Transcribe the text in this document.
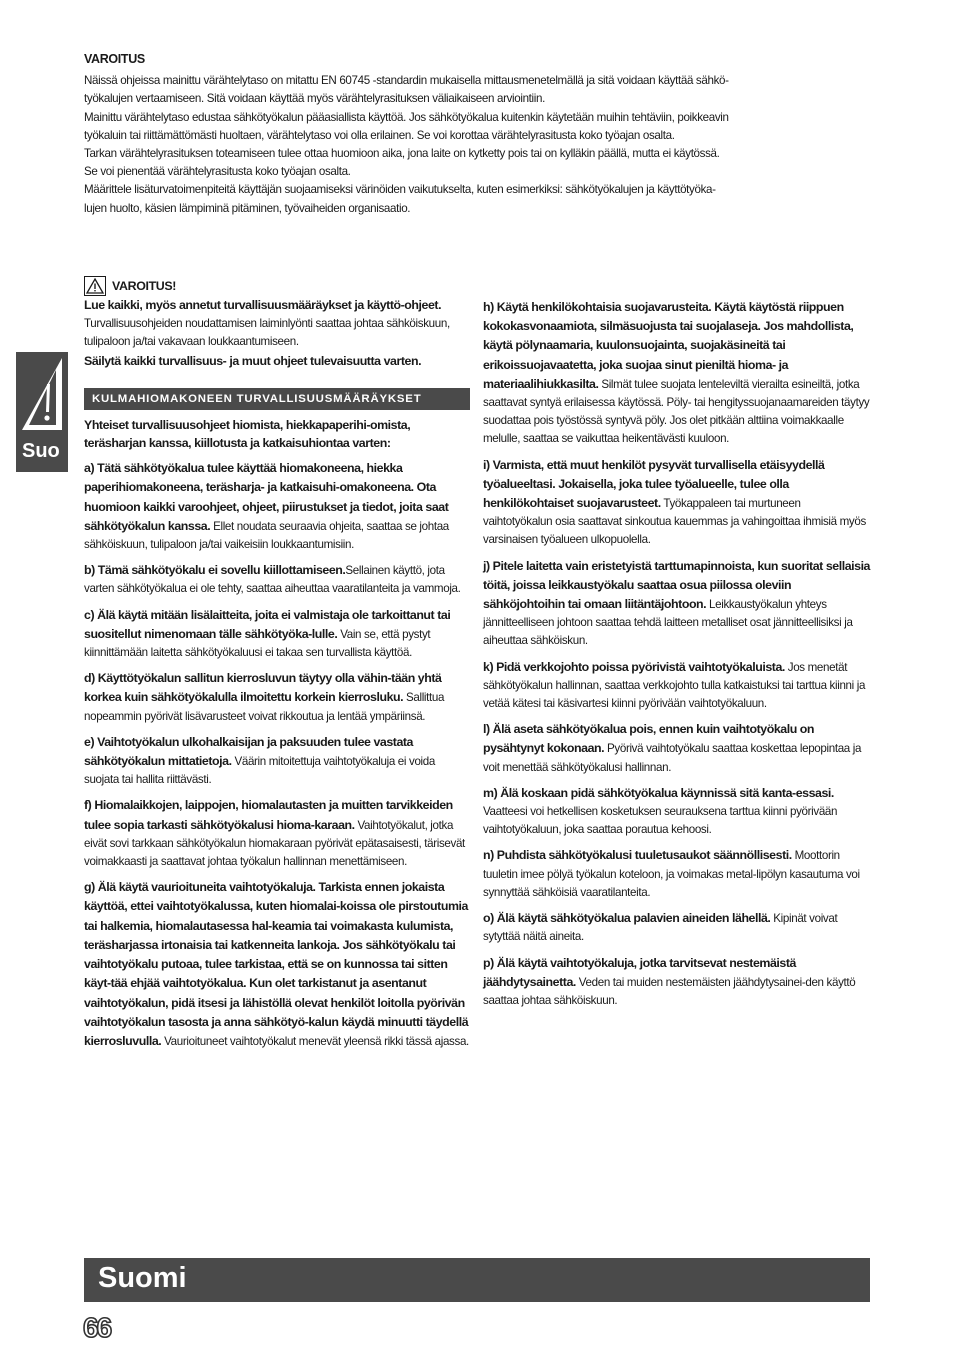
VAROITUS

Näissä ohjeissa mainittu värähtelytaso on mitattu EN 60745 -standardin mukaisella mittausmenetelmällä ja sitä voidaan käyttää sähkö-

työkalujen vertaamiseen. Sitä voidaan käyttää myös värähtelyrasituksen väliaikaiseen arviointiin.

Mainittu värähtelytaso edustaa sähkötyökalun pääasiallista käyttöä. Jos sähkötyökalua kuitenkin käytetään muihin tehtäviin, poikkeavin

työkaluin tai riittämättömästi huoltaen, värähtelytaso voi olla erilainen. Se voi korottaa värähtelyrasitusta koko työajan osalta.

Tarkan värähtelyrasituksen toteamiseen tulee ottaa huomioon aika, jona laite on kytketty pois tai on kylläkin päällä, mutta ei käytössä.

Se voi pienentää värähtelyrasitusta koko työajan osalta.

Määrittele lisäturvatoimenpiteitä käyttäjän suojaamiseksi värinöiden vaikutukselta, kuten esimerkiksi: sähkötyökalujen ja käyttötyöka-

lujen huolto, käsien lämpiminä pitäminen, työvaiheiden organisaatio.

Suo
VAROITUS!
Lue kaikki, myös annetut turvallisuusmääräykset ja käyttö-ohjeet. Turvallisuusohjeiden noudattamisen laiminlyönti saattaa johtaa sähköiskuun, tulipaloon ja/tai vakavaan loukkaantumiseen.
Säilytä kaikki turvallisuus- ja muut ohjeet tulevaisuutta varten.
KULMAHIOMAKONEEN TURVALLISUUSMÄÄRÄYKSET
Yhteiset turvallisuusohjeet hiomista, hiekkapaperihi-omista, teräsharjan kanssa, kiillotusta ja katkaisuhiontaa varten:
a) Tätä sähkötyökalua tulee käyttää hiomakoneena, hiekka paperihiomakoneena, teräsharja- ja katkaisuhi-omakoneena. Ota huomioon kaikki varoohjeet, ohjeet, piirustukset ja tiedot, joita saat sähkötyökalun kanssa. Ellet noudata seuraavia ohjeita, saattaa se johtaa sähköiskuun, tulipaloon ja/tai vaikeisiin loukkaantumisiin.
b) Tämä sähkötyökalu ei sovellu kiillottamiseen.Sellainen käyttö, jota varten sähkötyökalua ei ole tehty, saattaa aiheuttaa vaaratilanteita ja vammoja.
c) Älä käytä mitään lisälaitteita, joita ei valmistaja ole tarkoittanut tai suositellut nimenomaan tälle sähkötyöka-lulle. Vain se, että pystyt kiinnittämään laitetta sähkötyökaluusi ei takaa sen turvallista käyttöä.
d) Käyttötyökalun sallitun kierrosluvun täytyy olla vähin-tään yhtä korkea kuin sähkötyökalulla ilmoitettu korkein kierrosluku. Sallittua nopeammin pyörivät lisävarusteet voivat rikkoutua ja lentää ympäriinsä.
e) Vaihtotyökalun ulkohalkaisijan ja paksuuden tulee vastata sähkötyökalun mittatietoja. Väärin mitoitettuja vaihtotyökaluja ei voida suojata tai hallita riittävästi.
f) Hiomalaikkojen, laippojen, hiomalautasten ja muitten tarvikkeiden tulee sopia tarkasti sähkötyökalusi hioma-karaan. Vaihtotyökalut, jotka eivät sovi tarkkaan sähkötyökalun hiomakaraan pyörivät epätasaisesti, tärisevät voimakkaasti ja saattavat johtaa työkalun hallinnan menettämiseen.
g) Älä käytä vaurioituneita vaihtotyökaluja. Tarkista ennen jokaista käyttöä, ettei vaihtotyökalussa, kuten hiomalai-koissa ole pirstoutumia tai halkemia, hiomalautasessa hal-keamia tai voimakasta kulumista, teräsharjassa irtonaisia tai katkenneita lankoja. Jos sähkötyökalu tai vaihtotyökalu putoaa, tulee tarkistaa, että se on kunnossa tai sitten käyt-tää ehjää vaihtotyökalua. Kun olet tarkistanut ja asentanut vaihtotyökalun, pidä itsesi ja lähistöllä olevat henkilöt loitolla pyörivän vaihtotyökalun tasosta ja anna sähkötyö-kalun käydä minuutti täydellä kierrosluvulla. Vaurioituneet vaihtotyökalut menevät yleensä rikki tässä ajassa.
h) Käytä henkilökohtaisia suojavarusteita. Käytä käytöstä riippuen kokokasvonaamiota, silmäsuojusta tai suojalaseja. Jos mahdollista, käytä pölynaamaria, kuulonsuojainta, suojakäsineitä tai erikoissuojavaatetta, joka suojaa sinut pieniltä hioma- ja materiaalihiukkasilta. Silmät tulee suojata lenteleviltä vierailta esineiltä, jotka saattavat syntyä erilaisessa käytössä. Pöly- tai hengityssuojanaamareiden täytyy suodattaa pois työstössä syntyvä pöly. Jos olet pitkään alttiina voimakkaalle melulle, saattaa se vaikuttaa heikentävästi kuuloon.
i) Varmista, että muut henkilöt pysyvät turvallisella etäisyydellä työalueeltasi. Jokaisella, joka tulee työalueelle, tulee olla henkilökohtaiset suojavarusteet. Työkappaleen tai murtuneen vaihtotyökalun osia saattavat sinkoutua kauemmas ja vahingoittaa ihmisiä myös varsinaisen työalueen ulkopuolella.
j) Pitele laitetta vain eristetyistä tarttumapinnoista, kun suoritat sellaisia töitä, joissa leikkaustyökalu saattaa osua piilossa oleviin sähköjohtoihin tai omaan liitäntäjohtoon. Leikkaustyökalun yhteys jännitteelliseen johtoon saattaa tehdä laitteen metalliset osat jännitteellisiksi ja aiheuttaa sähköiskun.
k) Pidä verkkojohto poissa pyörivistä vaihtotyökaluista. Jos menetät sähkötyökalun hallinnan, saattaa verkkojohto tulla katkaistuksi tai tarttua kiinni ja vetää kätesi tai käsivartesi kiinni pyörivään vaihtotyökaluun.
l) Älä aseta sähkötyökalua pois, ennen kuin vaihtotyökalu on pysähtynyt kokonaan. Pyörivä vaihtotyökalu saattaa koskettaa lepopintaa ja voit menettää sähkötyökalusi hallinnan.
m) Älä koskaan pidä sähkötyökalua käynnissä sitä kanta-essasi. Vaatteesi voi hetkellisen kosketuksen seurauksena tarttua kiinni pyörivään vaihtotyökaluun, joka saattaa porautua kehoosi.
n) Puhdista sähkötyökalusi tuuletusaukot säännöllisesti. Moottorin tuuletin imee pölyä työkalun koteloon, ja voimakas metal-lipölyn kasautuma voi synnyttää sähköisiä vaaratilanteita.
o) Älä käytä sähkötyökalua palavien aineiden lähellä. Kipinät voivat sytyttää näitä aineita.
p) Älä käytä vaihtotyökaluja, jotka tarvitsevat nestemäistä jäähdytysainetta. Veden tai muiden nestemäisten jäähdytysainei-den käyttö saattaa johtaa sähköiskuun.
Suomi
66
